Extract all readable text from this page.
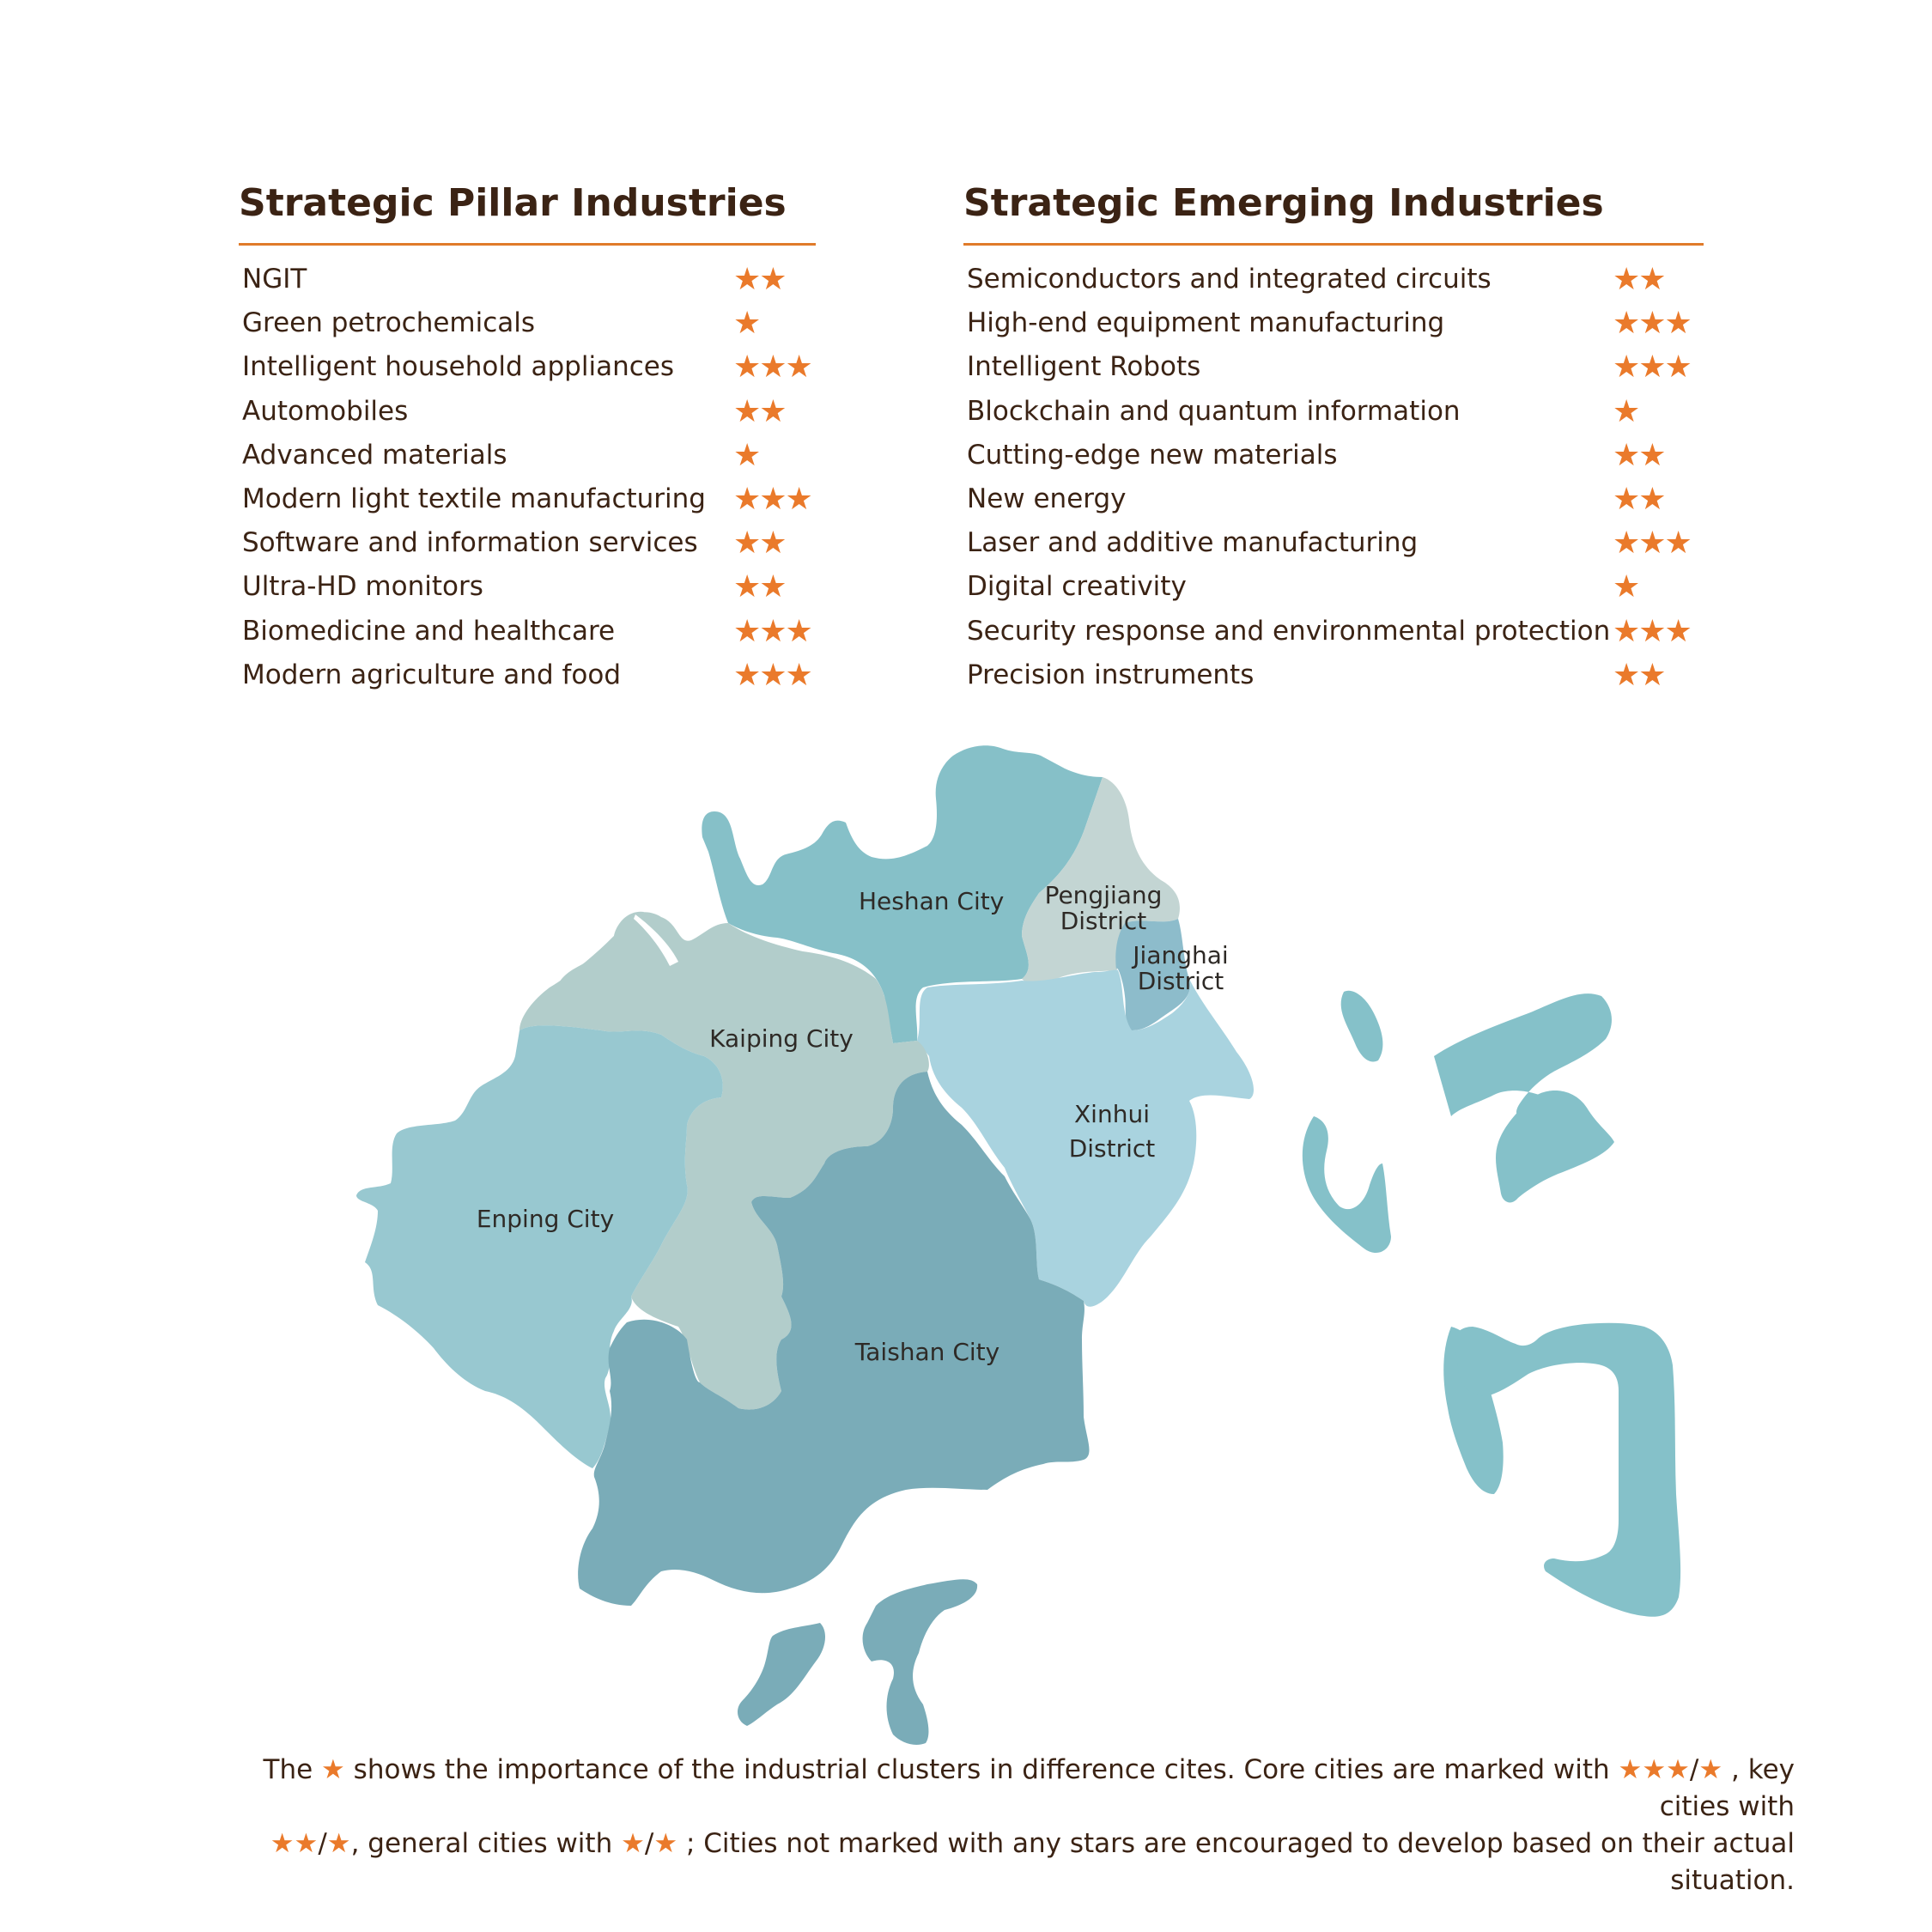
Strategic Pillar Industries
NGIT	★★
Green petrochemicals	★
Intelligent household appliances ★★★
Automobiles	★★
Advanced materials	★
Modern light textile manufacturing ★★★
Software and information services ★★
Ultra-HD monitors	★★
Biomedicine and healthcare	★★★
Modern agriculture and food	★★★
Strategic Emerging Industries
Semiconductors and integrated circuits	★★
High-end equipment manufacturing	★★★
Intelligent Robots	★★★
Blockchain and quantum information	★
Cutting-edge new materials	★★
New energy	★★
Laser and additive manufacturing	★★★
Digital creativity	★
Security response and environmental protection ★★★
Precision instruments	★★
Heshan City Pengjiang
District
Jianghai
District
Kaiping City
Xinhui
District
Enping City
Taishan City
The ★ shows the importance of the industrial clusters in difference cites. Core cities are marked with ★★★/★ , key cities with
★★/★, general cities with ★/★ ; Cities not marked with any stars are encouraged to develop based on their actual situation.
